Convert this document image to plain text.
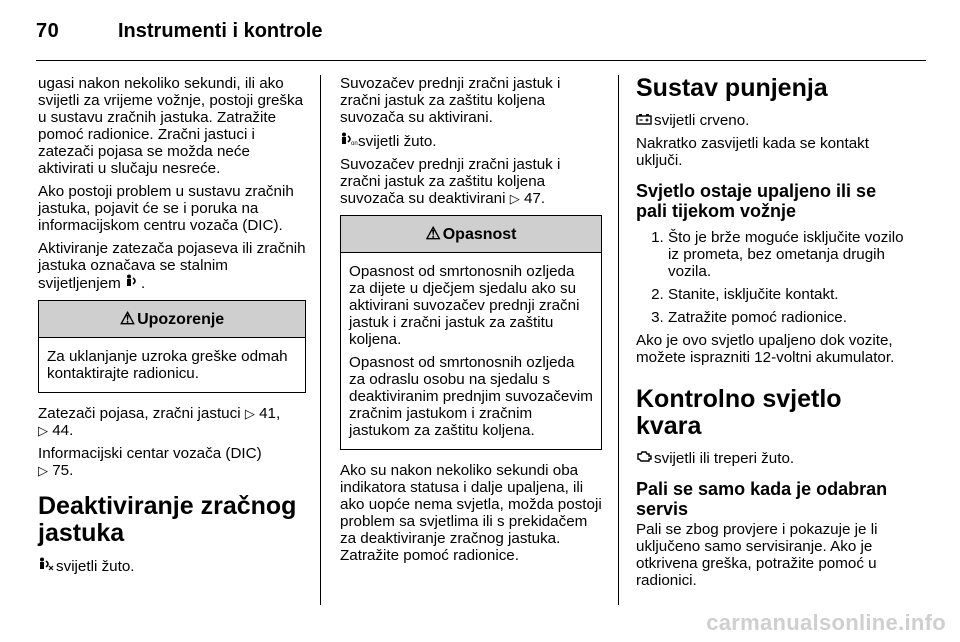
70	Instrumenti i kontrole

ugasi nakon nekoliko sekundi, ili ako svijetli za vrijeme vožnje, postoji greška u sustavu zračnih jastuka. Zatražite pomoć radionice. Zračni jastuci i zatezači pojasa se možda neće aktivirati u slučaju nesreće.

Ako postoji problem u sustavu zračnih jastuka, pojavit će se i poruka na informacijskom centru vozača (DIC).

Aktiviranje zatezača pojaseva ili zračnih jastuka označava se stalnim svijetljenjem .

⚠ Upozorenje

Za uklanjanje uzroka greške odmah kontaktirajte radionicu.

Zatezači pojasa, zračni jastuci ▷ 41,
▷ 44.

Informacijski centar vozača (DIC)
▷ 75.

Deaktiviranje zračnog jastuka

svijetli žuto.

Suvozačev prednji zračni jastuk i zračni jastuk za zaštitu koljena suvozača su aktivirani.

on svijetli žuto.

Suvozačev prednji zračni jastuk i zračni jastuk za zaštitu koljena suvozača su deaktivirani ▷ 47.

⚠ Opasnost

Opasnost od smrtonosnih ozljeda za dijete u dječjem sjedalu ako su aktivirani suvozačev prednji zračni jastuk i zračni jastuk za zaštitu koljena.

Opasnost od smrtonosnih ozljeda za odraslu osobu na sjedalu s deaktiviranim prednjim suvozačevim zračnim jastukom i zračnim jastukom za zaštitu koljena.

Ako su nakon nekoliko sekundi oba indikatora statusa i dalje upaljena, ili ako uopće nema svjetla, možda postoji problem sa svjetlima ili s prekidačem za deaktiviranje zračnog jastuka. Zatražite pomoć radionice.

Sustav punjenja

svijetli crveno.

Nakratko zasvijetli kada se kontakt uključi.

Svjetlo ostaje upaljeno ili se pali tijekom vožnje
1. Što je brže moguće isključite vozilo iz prometa, bez ometanja drugih vozila.
2. Stanite, isključite kontakt.
3. Zatražite pomoć radionice.

Ako je ovo svjetlo upaljeno dok vozite, možete isprazniti 12-voltni akumulator.

Kontrolno svjetlo kvara

svijetli ili treperi žuto.

Pali se samo kada je odabran servis

Pali se zbog provjere i pokazuje je li uključeno samo servisiranje. Ako je otkrivena greška, potražite pomoć u radionici.

carmanualsonline.info
